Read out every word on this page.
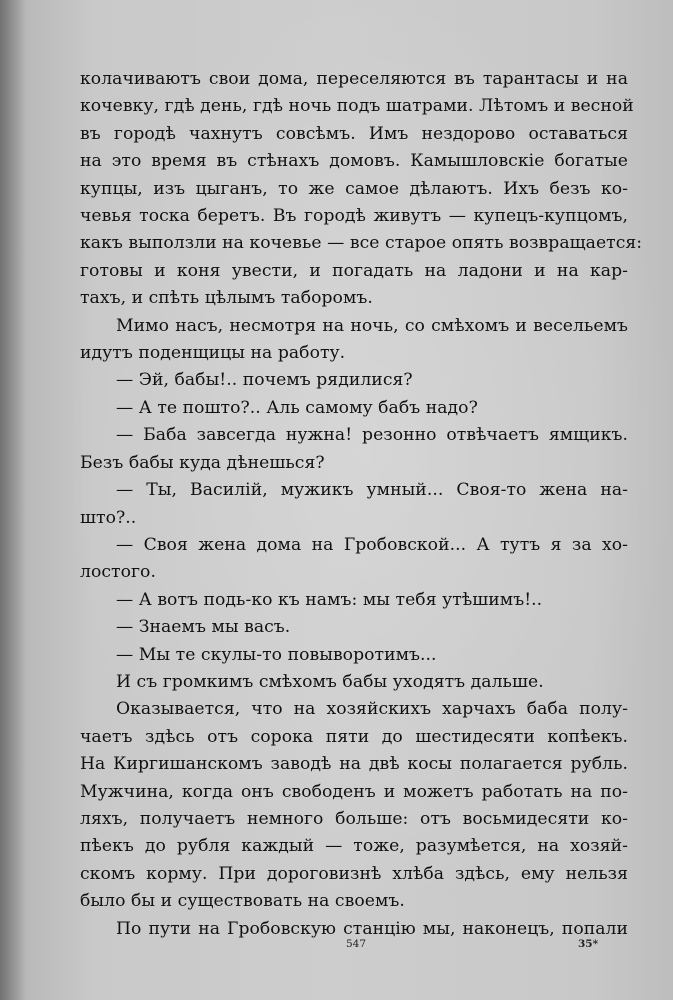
колачиваютъ свои дома, переселяются въ тарантасы и на
кочевку, гдѣ день, гдѣ ночь подъ шатрами. Лѣтомъ и весной
въ городѣ чахнутъ совсѣмъ. Имъ нездорово оставаться
на это время въ стѣнахъ домовъ. Камышловскіе богатые
купцы, изъ цыганъ, то же самое дѣлаютъ. Ихъ безъ ко-
чевья тоска беретъ. Въ городѣ живутъ — купецъ-купцомъ,
какъ выползли на кочевье — все старое опять возвращается:
готовы и коня увести, и погадать на ладони и на кар-
тахъ, и спѣть цѣлымъ таборомъ.
Мимо насъ, несмотря на ночь, со смѣхомъ и весельемъ
идутъ поденщицы на работу.
— Эй, бабы!.. почемъ рядилися?
— А те пошто?.. Аль самому бабъ надо?
— Баба завсегда нужна! резонно отвѣчаетъ ямщикъ.
Безъ бабы куда дѣнешься?
— Ты, Василій, мужикъ умный... Своя-то жена на-
што?..
— Своя жена дома на Гробовской... А тутъ я за хо-
лостого.
— А вотъ подь-ко къ намъ: мы тебя утѣшимъ!..
— Знаемъ мы васъ.
— Мы те скулы-то повыворотимъ...
И съ громкимъ смѣхомъ бабы уходятъ дальше.
Оказывается, что на хозяйскихъ харчахъ баба полу-
чаетъ здѣсь отъ сорока пяти до шестидесяти копѣекъ.
На Киргишанскомъ заводѣ на двѣ косы полагается рубль.
Мужчина, когда онъ свободенъ и можетъ работать на по-
ляхъ, получаетъ немного больше: отъ восьмидесяти ко-
пѣекъ до рубля каждый — тоже, разумѣется, на хозяй-
скомъ корму. При дороговизнѣ хлѣба здѣсь, ему нельзя
было бы и существовать на своемъ.
По пути на Гробовскую станцію мы, наконецъ, попали
547	35*
